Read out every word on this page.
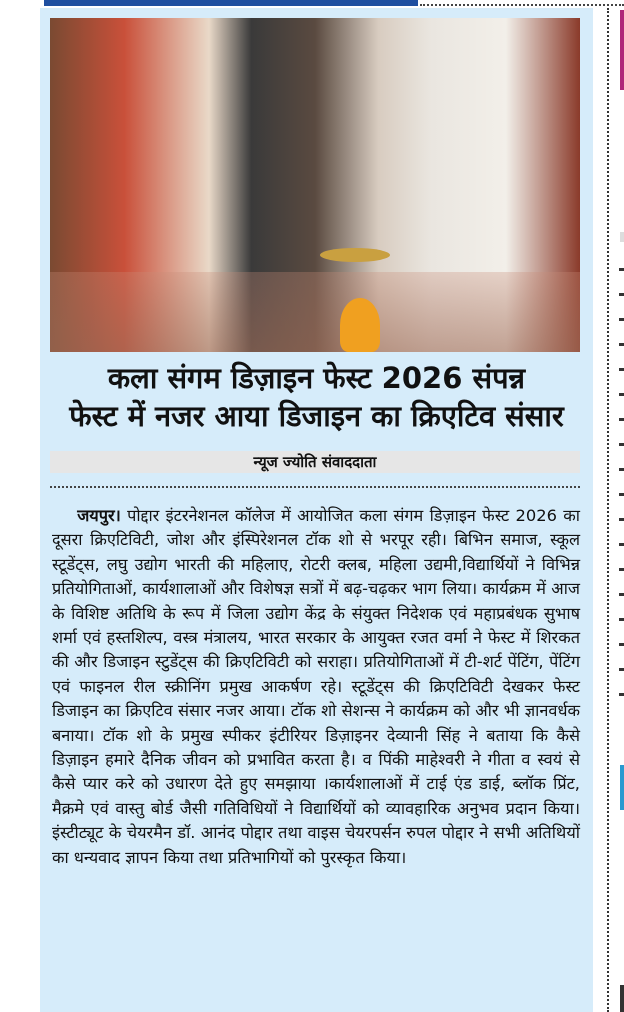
कला संगम डिज़ाइन फेस्ट 2026 संपन्न
फेस्ट में नजर आया डिजाइन का क्रिएटिव संसार
न्यूज ज्योति संवाददाता
जयपुर। पोद्दार इंटरनेशनल कॉलेज में आयोजित कला संगम डिज़ाइन फेस्ट 2026 का दूसरा क्रिएटिविटी, जोश और इंस्पिरेशनल टॉक शो से भरपूर रही। बिभिन समाज, स्कूल स्टूडेंट्स, लघु उद्योग भारती की महिलाए, रोटरी क्लब, महिला उद्यमी,विद्यार्थियों ने विभिन्न प्रतियोगिताओं, कार्यशालाओं और विशेषज्ञ सत्रों में बढ़-चढ़कर भाग लिया। कार्यक्रम में आज के विशिष्ट अतिथि के रूप में जिला उद्योग केंद्र के संयुक्त निदेशक एवं महाप्रबंधक सुभाष शर्मा एवं हस्तशिल्प, वस्त्र मंत्रालय, भारत सरकार के आयुक्त रजत वर्मा ने फेस्ट में शिरकत की और डिजाइन स्टुडेंट्स की क्रिएटिविटी को सराहा। प्रतियोगिताओं में टी-शर्ट पेंटिंग, पेंटिंग एवं फाइनल रील स्क्रीनिंग प्रमुख आकर्षण रहे। स्टूडेंट्स की क्रिएटिविटी देखकर फेस्ट डिजाइन का क्रिएटिव संसार नजर आया। टॉक शो सेशन्स ने कार्यक्रम को और भी ज्ञानवर्धक बनाया। टॉक शो के प्रमुख स्पीकर इंटीरियर डिज़ाइनर देव्यानी सिंह ने बताया कि कैसे डिज़ाइन हमारे दैनिक जीवन को प्रभावित करता है। व पिंकी माहेश्वरी ने गीता व स्वयं से कैसे प्यार करे को उधारण देते हुए समझाया ।कार्यशालाओं में टाई एंड डाई, ब्लॉक प्रिंट, मैक्रमे एवं वास्तु बोर्ड जैसी गतिविधियों ने विद्यार्थियों को व्यावहारिक अनुभव प्रदान किया। इंस्टीट्यूट के चेयरमैन डॉ. आनंद पोद्दार तथा वाइस चेयरपर्सन रुपल पोद्दार ने सभी अतिथियों का धन्यवाद ज्ञापन किया तथा प्रतिभागियों को पुरस्कृत किया।
